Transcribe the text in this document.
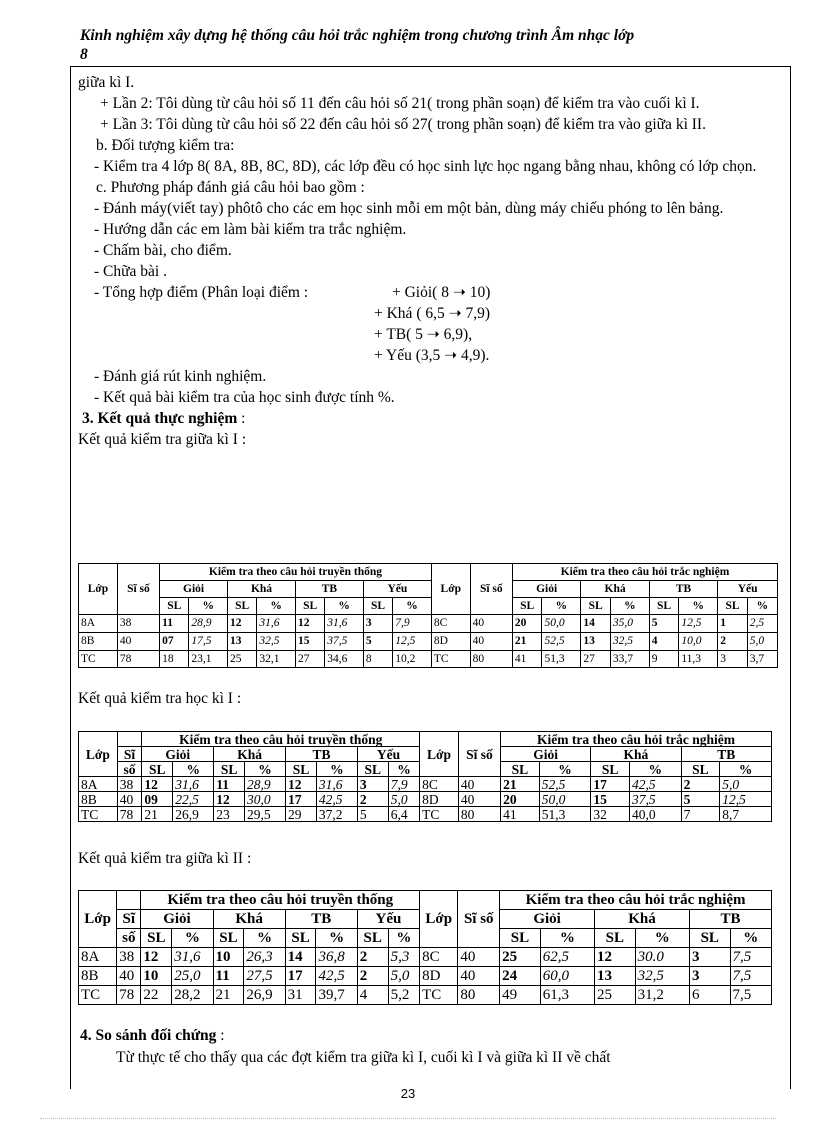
Kinh nghiệm xây dựng hệ thống câu hỏi trắc nghiệm trong chương trình Âm nhạc lớp
8

giữa kì I.

+ Lần 2: Tôi dùng từ câu hỏi số 11 đến câu hỏi số 21( trong phần soạn) để kiểm tra vào cuối kì I.

+ Lần 3: Tôi dùng từ câu hỏi số 22 đến câu hỏi số 27( trong phần soạn) để kiểm tra vào giữa kì II.

b. Đối tượng kiểm tra:

- Kiểm tra 4 lớp 8( 8A, 8B, 8C, 8D), các lớp đều có học sinh lực học ngang bằng nhau, không có lớp chọn.

c. Phương pháp đánh giá câu hỏi bao gồm :

- Đánh máy(viết tay) phôtô cho các em học sinh mỗi em một bản, dùng máy chiếu phóng to lên bảng.

- Hướng dẫn các em làm bài kiểm tra trắc nghiệm.

- Chấm bài, cho điểm.

- Chữa bài .

- Tổng hợp điểm (Phân loại điểm :	+ Giỏi( 8 ➝ 10)

+ Khá ( 6,5 ➝ 7,9)

+ TB( 5 ➝ 6,9),

+ Yếu (3,5 ➝ 4,9).

- Đánh giá rút kinh nghiệm.

- Kết quả bài kiểm tra của học sinh được tính %.

3. Kết quả thực nghiệm :

Kết quả kiểm tra giữa kì I :

Lớp	Sĩ số	Kiểm tra theo câu hỏi truyền thống								Lớp	Sĩ số	Kiểm tra theo câu hỏi trắc nghiệm							
		Giỏi		Khá		TB		Yếu				Giỏi		Khá		TB		Yếu	
		SL	%	SL	%	SL	%	SL	%			SL	%	SL	%	SL	%	SL	%
8A	38	11	28,9	12	31,6	12	31,6	3	7,9	8C	40	20	50,0	14	35,0	5	12,5	1	2,5
8B	40	07	17,5	13	32,5	15	37,5	5	12,5	8D	40	21	52,5	13	32,5	4	10,0	2	5,0
TC	78	18	23,1	25	32,1	27	34,6	8	10,2	TC	80	41	51,3	27	33,7	9	11,3	3	3,7

Kết quả kiểm tra học kì I :

Lớp		Kiểm tra theo câu hỏi truyền thống								Lớp	Sĩ số	Kiểm tra theo câu hỏi trắc nghiệm					
	Sĩ	Giỏi		Khá		TB		Yếu				Giỏi		Khá		TB	
	số	SL	%	SL	%	SL	%	SL	%			SL	%	SL	%	SL	%
8A	38	12	31,6	11	28,9	12	31,6	3	7,9	8C	40	21	52,5	17	42,5	2	5,0
8B	40	09	22,5	12	30,0	17	42,5	2	5,0	8D	40	20	50,0	15	37,5	5	12,5
TC	78	21	26,9	23	29,5	29	37,2	5	6,4	TC	80	41	51,3	32	40,0	7	8,7

Kết quả kiểm tra giữa kì II :

Lớp		Kiểm tra theo câu hỏi truyền thống								Lớp	Sĩ số	Kiểm tra theo câu hỏi trắc nghiệm					
	Sĩ	Giỏi		Khá		TB		Yếu				Giỏi		Khá		TB	
	số	SL	%	SL	%	SL	%	SL	%			SL	%	SL	%	SL	%
8A	38	12	31,6	10	26,3	14	36,8	2	5,3	8C	40	25	62,5	12	30.0	3	7,5
8B	40	10	25,0	11	27,5	17	42,5	2	5,0	8D	40	24	60,0	13	32,5	3	7,5
TC	78	22	28,2	21	26,9	31	39,7	4	5,2	TC	80	49	61,3	25	31,2	6	7,5

4. So sánh đối chứng :

Từ thực tế cho thấy qua các đợt kiểm tra giữa kì I, cuối kì I và giữa kì II về chất

23
